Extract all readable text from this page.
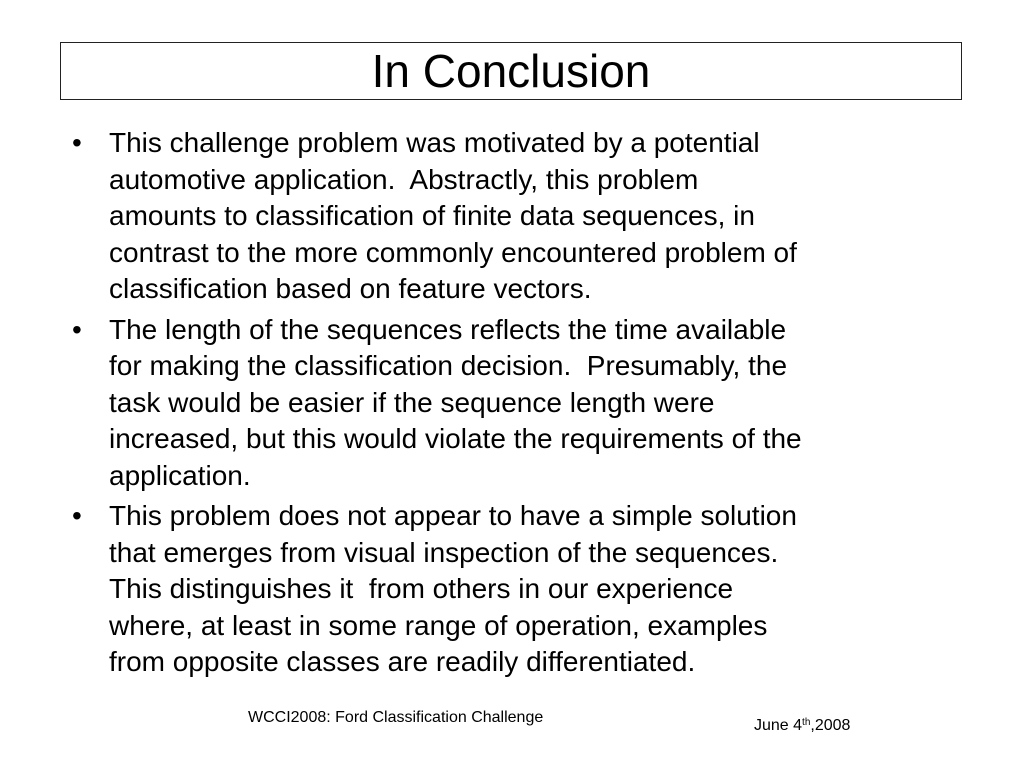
In Conclusion
• This challenge problem was motivated by a potential
automotive application.  Abstractly, this problem
amounts to classification of finite data sequences, in
contrast to the more commonly encountered problem of
classification based on feature vectors.
• The length of the sequences reflects the time available
for making the classification decision.  Presumably, the
task would be easier if the sequence length were
increased, but this would violate the requirements of the
application.
• This problem does not appear to have a simple solution
that emerges from visual inspection of the sequences.
This distinguishes it  from others in our experience
where, at least in some range of operation, examples
from opposite classes are readily differentiated.
WCCI2008: Ford Classification Challenge	June 4th,2008
